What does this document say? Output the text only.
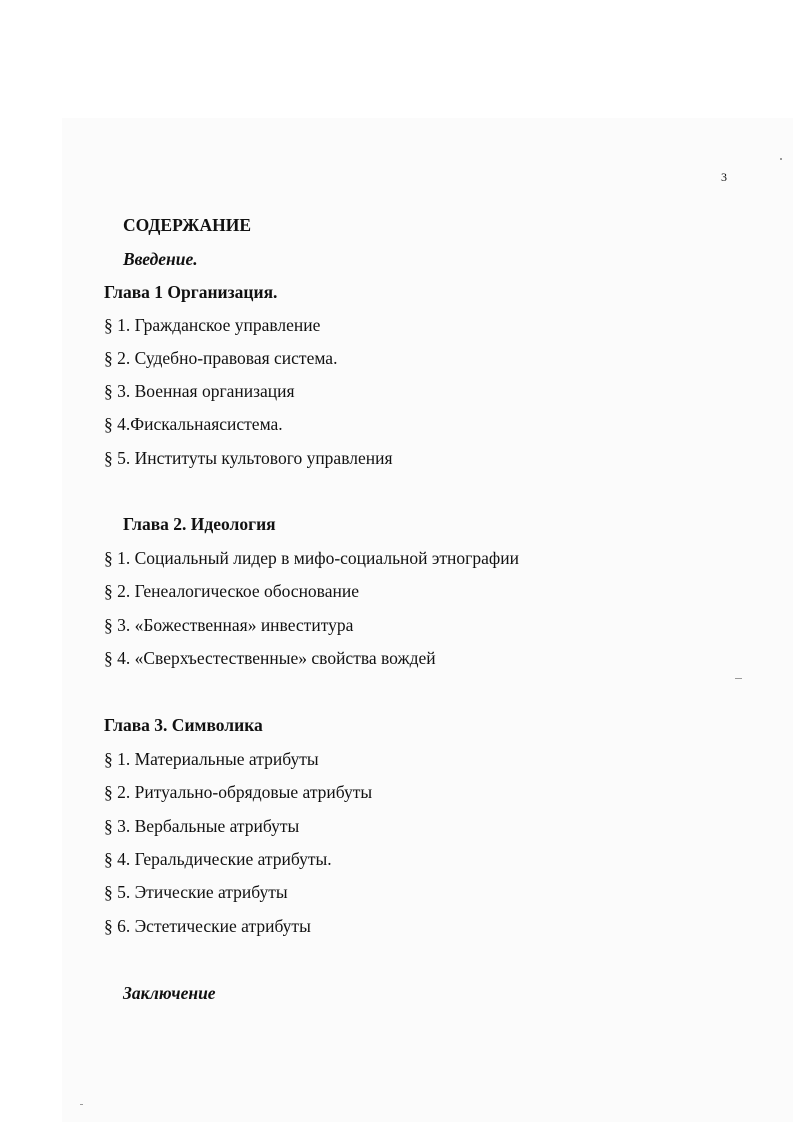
3
СОДЕРЖАНИЕ
Введение.
Глава 1 Организация.
§ 1. Гражданское управление
§ 2. Судебно-правовая система.
§ 3. Военная организация
§ 4.Фискальнаясистема.
§ 5. Институты культового управления
Глава 2. Идеология
§ 1. Социальный лидер в мифо-социальной этнографии
§ 2. Генеалогическое обоснование
§ 3. «Божественная» инвеститура
§ 4. «Сверхъестественные» свойства вождей
Глава 3. Символика
§ 1. Материальные атрибуты
§ 2. Ритуально-обрядовые атрибуты
§ 3. Вербальные атрибуты
§ 4. Геральдические атрибуты.
§ 5. Этические атрибуты
§ 6. Эстетические атрибуты
Заключение
